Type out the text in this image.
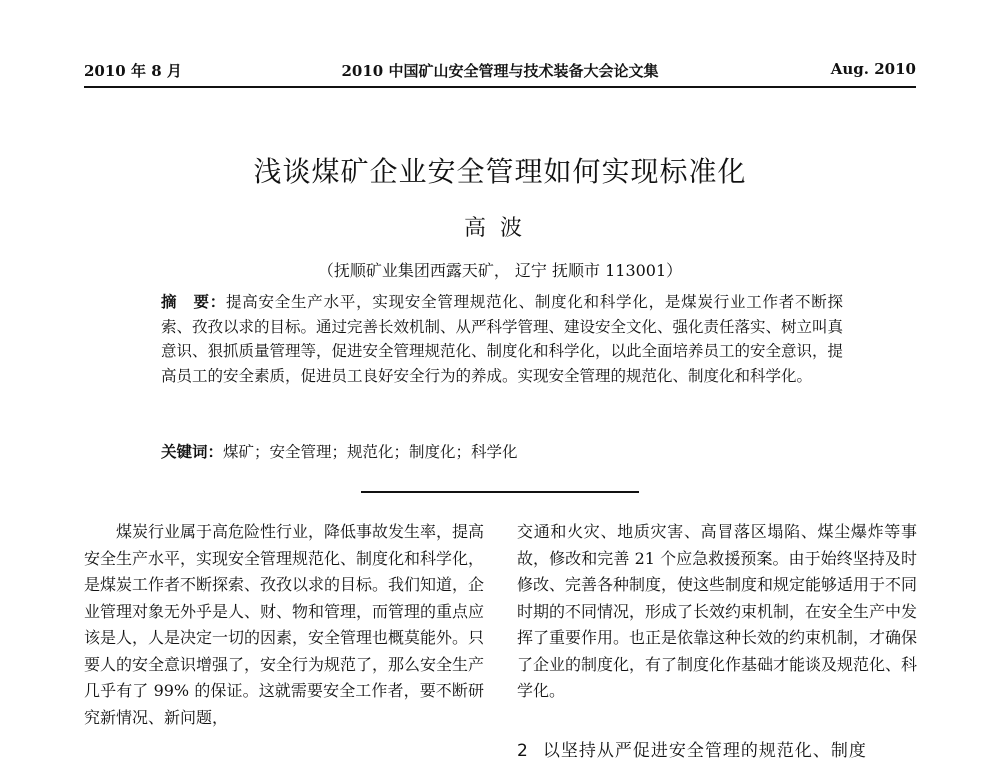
2010 年 8 月	2010 中国矿山安全管理与技术装备大会论文集	Aug. 2010
浅谈煤矿企业安全管理如何实现标准化
高波
（抚顺矿业集团西露天矿， 辽宁 抚顺市 113001）
摘　要：提高安全生产水平，实现安全管理规范化、制度化和科学化，是煤炭行业工作者不断探索、孜孜以求的目标。通过完善长效机制、从严科学管理、建设安全文化、强化责任落实、树立叫真意识、狠抓质量管理等，促进安全管理规范化、制度化和科学化，以此全面培养员工的安全意识，提高员工的安全素质，促进员工良好安全行为的养成。实现安全管理的规范化、制度化和科学化。
关键词：煤矿；安全管理；规范化；制度化；科学化

煤炭行业属于高危险性行业，降低事故发生率，提高安全生产水平，实现安全管理规范化、制度化和科学化，是煤炭工作者不断探索、孜孜以求的目标。我们知道，企业管理对象无外乎是人、财、物和管理，而管理的重点应该是人，人是决定一切的因素，安全管理也概莫能外。只要人的安全意识增强了，安全行为规范了，那么安全生产几乎有了 99% 的保证。这就需要安全工作者，要不断研究新情况、新问题，

交通和火灾、地质灾害、高冒落区塌陷、煤尘爆炸等事故，修改和完善 21 个应急救援预案。由于始终坚持及时修改、完善各种制度，使这些制度和规定能够适用于不同时期的不同情况，形成了长效约束机制，在安全生产中发挥了重要作用。也正是依靠这种长效的约束机制，才确保了企业的制度化，有了制度化作基础才能谈及规范化、科学化。

2 以坚持从严促进安全管理的规范化、制度
